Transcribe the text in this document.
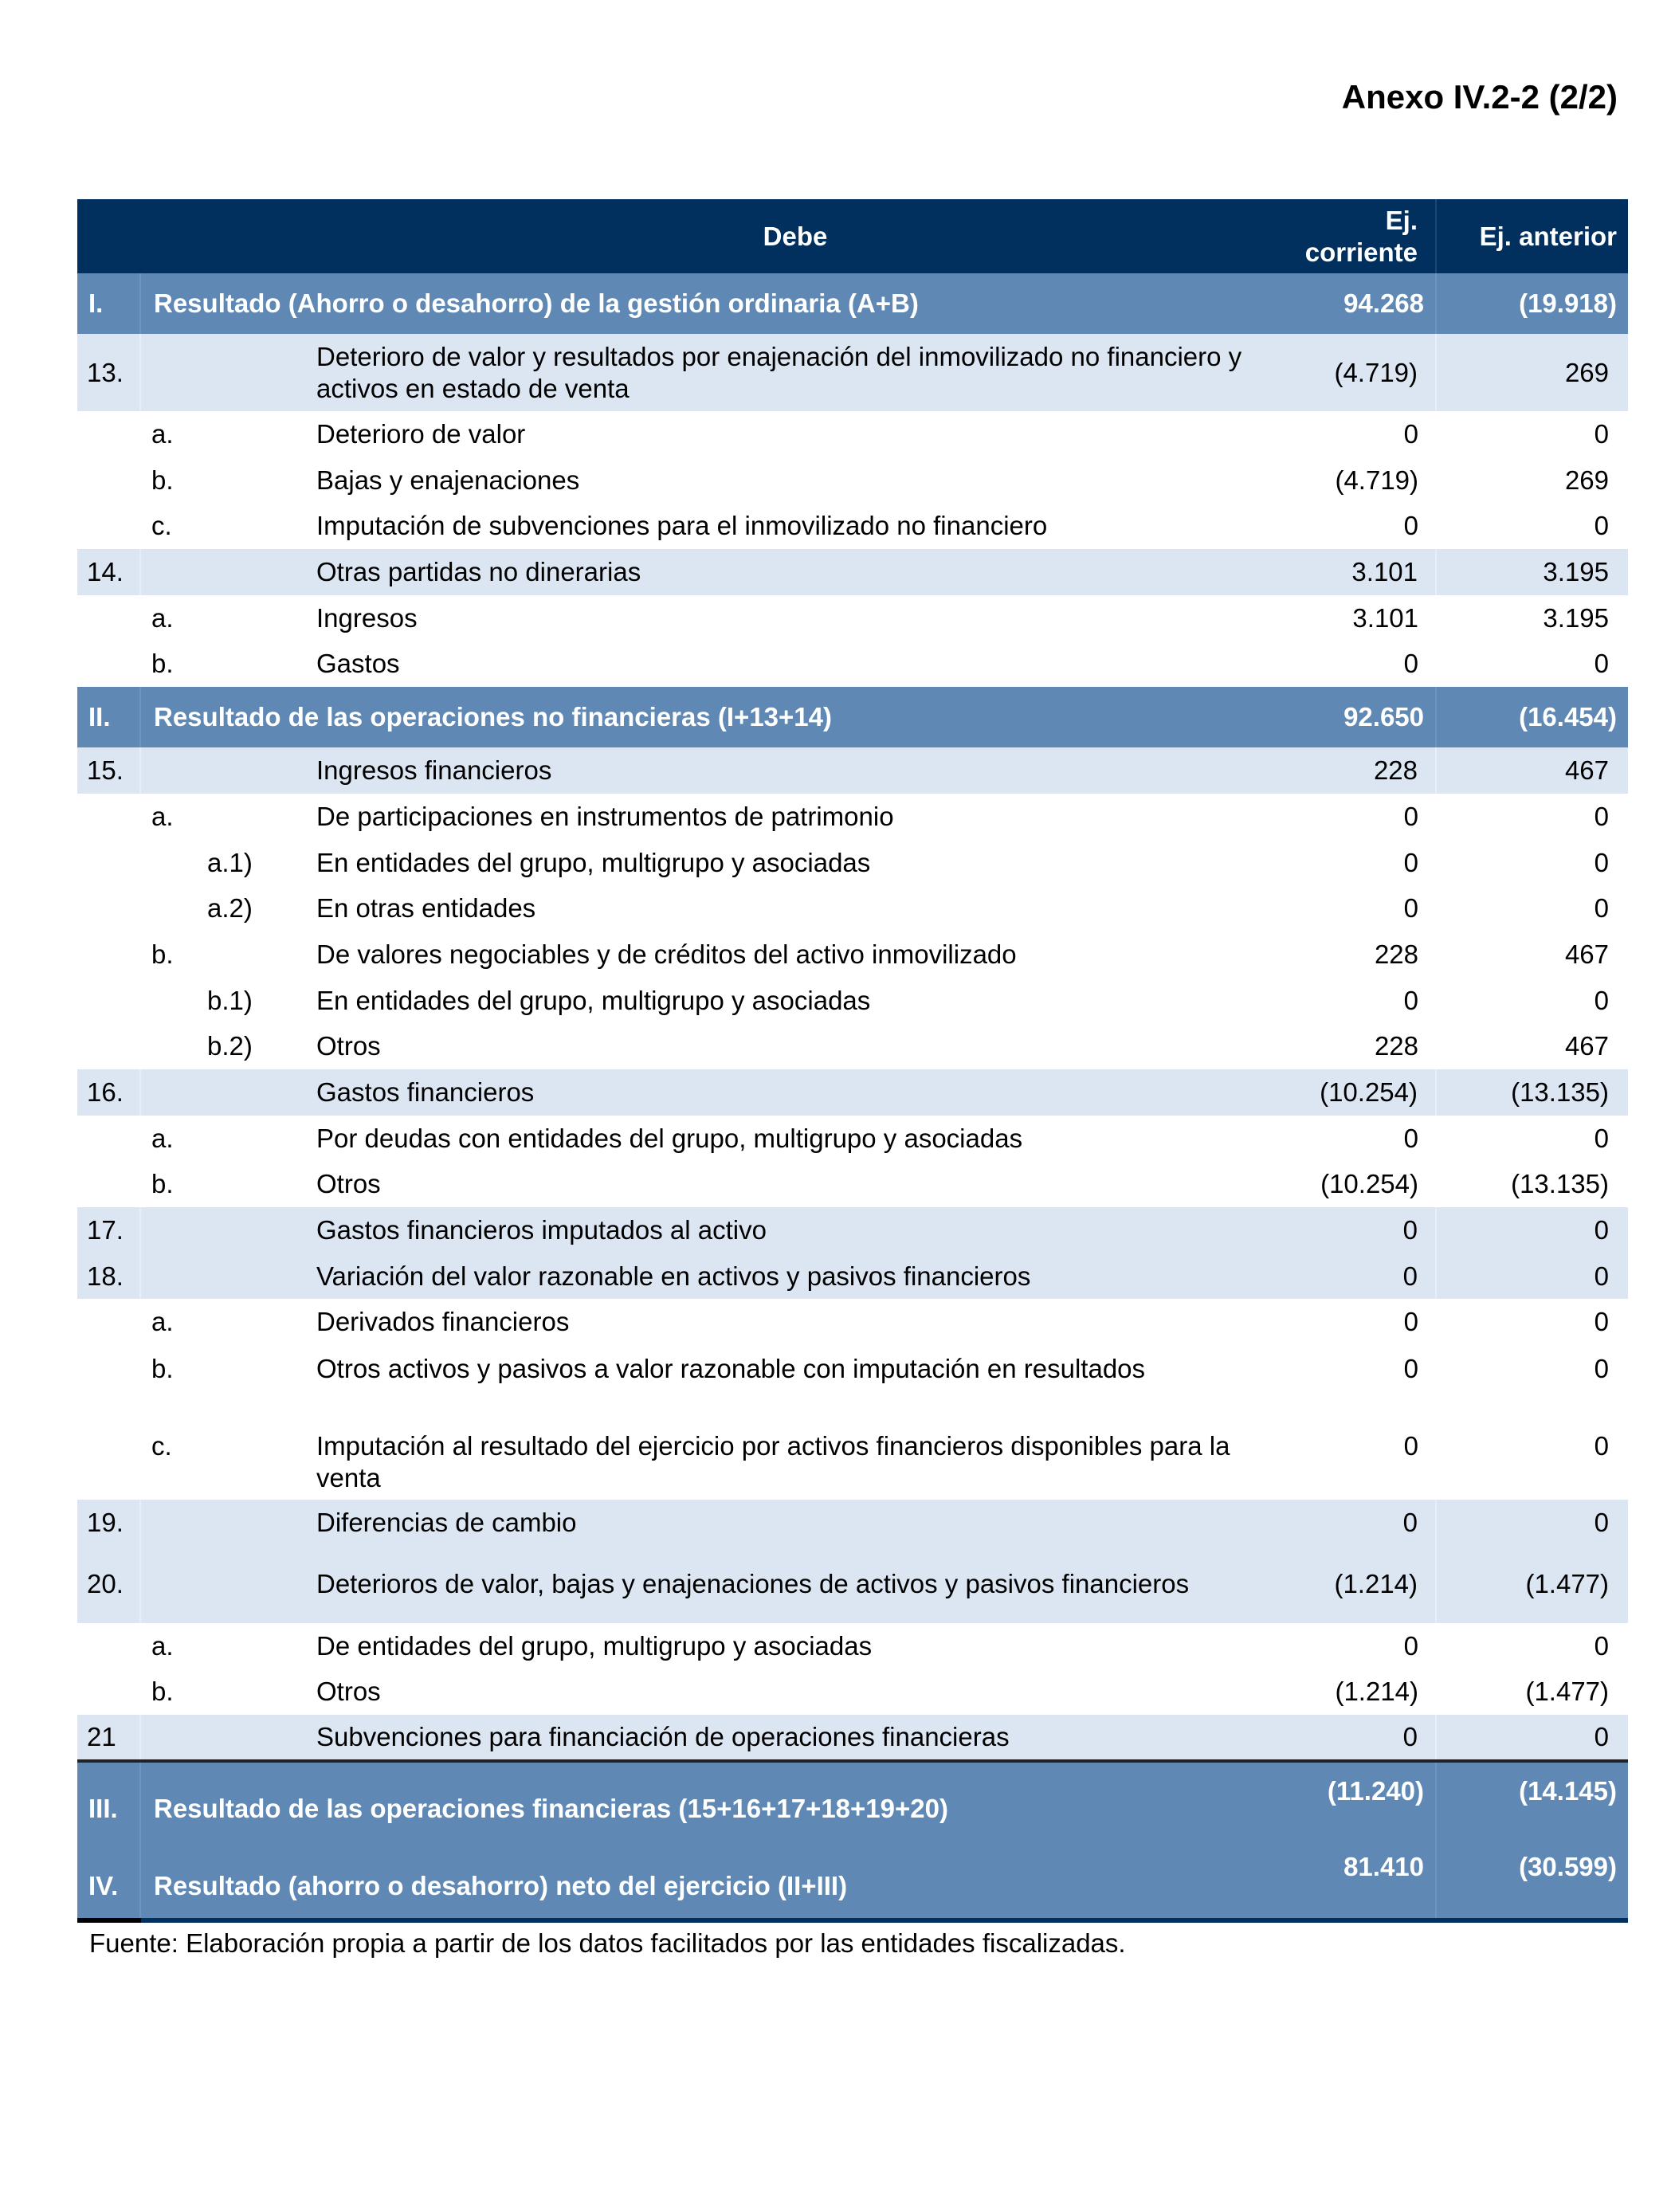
Anexo IV.2-2 (2/2)
Debe				Ej. corriente	Ej. anterior
I.	Resultado (Ahorro o desahorro) de la gestión ordinaria (A+B)			94.268	(19.918)
13.			Deterioro de valor y resultados por enajenación del inmovilizado no financiero y activos en estado de venta	(4.719)	269
	a.		Deterioro de valor	0	0
	b.		Bajas y enajenaciones	(4.719)	269
	c.		Imputación de subvenciones para el inmovilizado no financiero	0	0
14.			Otras partidas no dinerarias	3.101	3.195
	a.		Ingresos	3.101	3.195
	b.		Gastos	0	0
II.	Resultado de las operaciones no financieras (I+13+14)			92.650	(16.454)
15.			Ingresos financieros	228	467
	a.		De participaciones en instrumentos de patrimonio	0	0
		a.1)	En entidades del grupo, multigrupo y asociadas	0	0
		a.2)	En otras entidades	0	0
	b.		De valores negociables y de créditos del activo inmovilizado	228	467
		b.1)	En entidades del grupo, multigrupo y asociadas	0	0
		b.2)	Otros	228	467
16.			Gastos financieros	(10.254)	(13.135)
	a.		Por deudas con entidades del grupo, multigrupo y asociadas	0	0
	b.		Otros	(10.254)	(13.135)
17.			Gastos financieros imputados al activo	0	0
18.			Variación del valor razonable en activos y pasivos financieros	0	0
	a.		Derivados financieros	0	0
	b.		Otros activos y pasivos a valor razonable con imputación en resultados	0	0
	c.		Imputación al resultado del ejercicio por activos financieros disponibles para la venta	0	0
19.			Diferencias de cambio	0	0
20.			Deterioros de valor, bajas y enajenaciones de activos y pasivos financieros	(1.214)	(1.477)
	a.		De entidades del grupo, multigrupo y asociadas	0	0
	b.		Otros	(1.214)	(1.477)
21			Subvenciones para financiación de operaciones financieras	0	0
III.	Resultado de las operaciones financieras (15+16+17+18+19+20)			(11.240)	(14.145)
IV.	Resultado (ahorro o desahorro) neto del ejercicio (II+III)			81.410	(30.599)
Fuente: Elaboración propia a partir de los datos facilitados por las entidades fiscalizadas.
